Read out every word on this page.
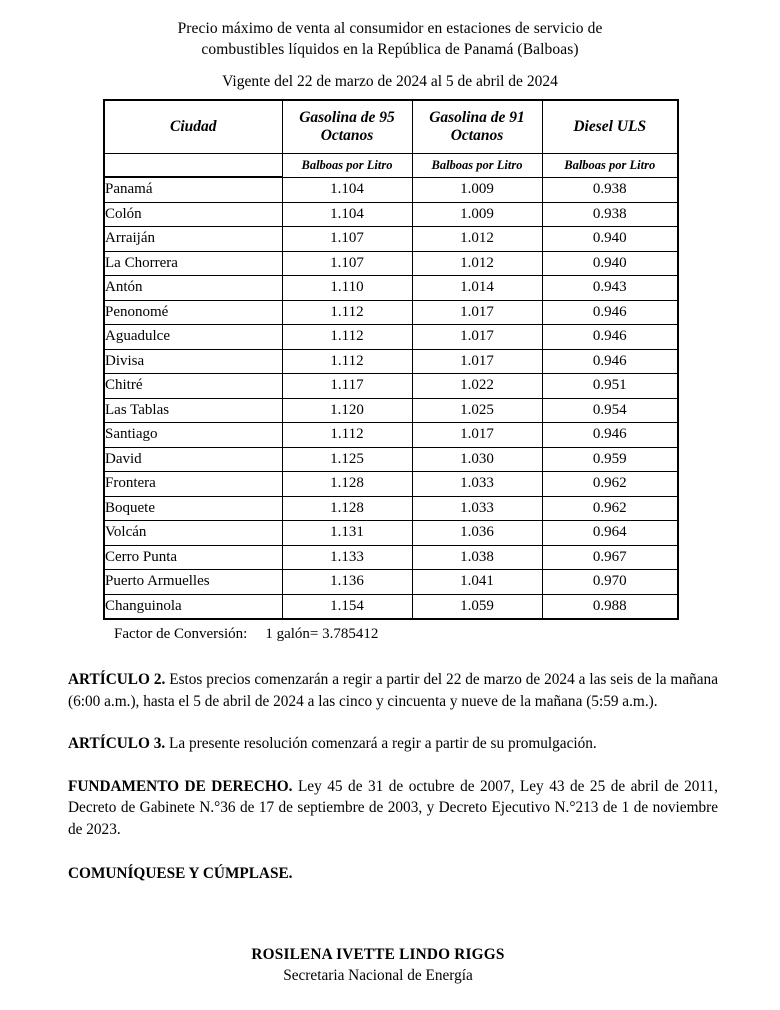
Precio máximo de venta al consumidor en estaciones de servicio de
combustibles líquidos en la República de Panamá (Balboas)
Vigente del 22 de marzo de 2024 al 5 de abril de 2024
Ciudad	Gasolina de 95 Octanos	Gasolina de 91 Octanos	Diesel ULS
	Balboas por Litro	Balboas por Litro	Balboas por Litro
Panamá	1.104	1.009	0.938
Colón	1.104	1.009	0.938
Arraiján	1.107	1.012	0.940
La Chorrera	1.107	1.012	0.940
Antón	1.110	1.014	0.943
Penonomé	1.112	1.017	0.946
Aguadulce	1.112	1.017	0.946
Divisa	1.112	1.017	0.946
Chitré	1.117	1.022	0.951
Las Tablas	1.120	1.025	0.954
Santiago	1.112	1.017	0.946
David	1.125	1.030	0.959
Frontera	1.128	1.033	0.962
Boquete	1.128	1.033	0.962
Volcán	1.131	1.036	0.964
Cerro Punta	1.133	1.038	0.967
Puerto Armuelles	1.136	1.041	0.970
Changuinola	1.154	1.059	0.988
Factor de Conversión: 1 galón= 3.785412

ARTÍCULO 2. Estos precios comenzarán a regir a partir del 22 de marzo de 2024 a las seis de la mañana (6:00 a.m.), hasta el 5 de abril de 2024 a las cinco y cincuenta y nueve de la mañana (5:59 a.m.).

ARTÍCULO 3. La presente resolución comenzará a regir a partir de su promulgación.

FUNDAMENTO DE DERECHO. Ley 45 de 31 de octubre de 2007, Ley 43 de 25 de abril de 2011, Decreto de Gabinete N.°36 de 17 de septiembre de 2003, y Decreto Ejecutivo N.°213 de 1 de noviembre de 2023.

COMUNÍQUESE Y CÚMPLASE.

ROSILENA IVETTE LINDO RIGGS
Secretaria Nacional de Energía
